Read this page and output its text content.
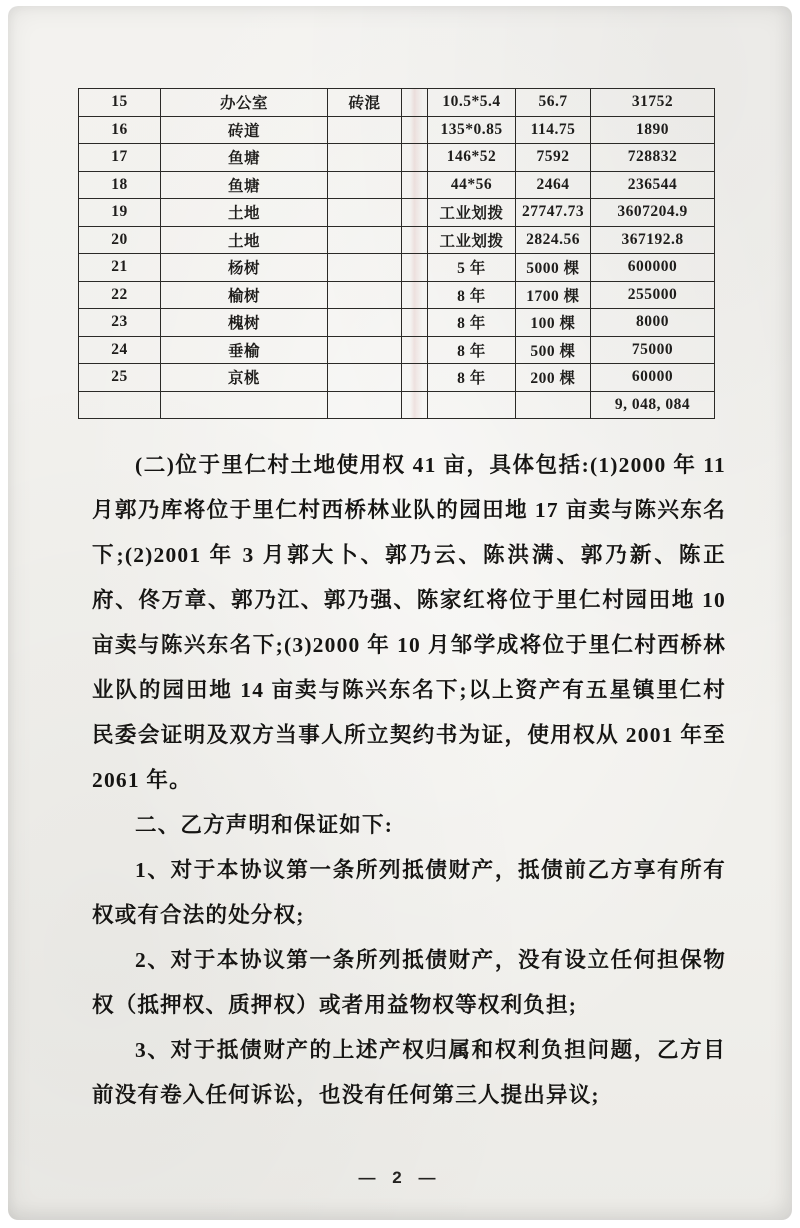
15	办公室	砖混		10.5*5.4	56.7	31752
16	砖道			135*0.85	114.75	1890
17	鱼塘			146*52	7592	728832
18	鱼塘			44*56	2464	236544
19	土地			工业划拨	27747.73	3607204.9
20	土地			工业划拨	2824.56	367192.8
21	杨树			5 年	5000 棵	600000
22	榆树			8 年	1700 棵	255000
23	槐树			8 年	100 棵	8000
24	垂榆			8 年	500 棵	75000
25	京桃			8 年	200 棵	60000
						9, 048, 084

(二)位于里仁村土地使用权 41 亩，具体包括:(1)2000 年 11 月郭乃库将位于里仁村西桥林业队的园田地 17 亩卖与陈兴东名下;(2)2001 年 3 月郭大卜、郭乃云、陈洪满、郭乃新、陈正府、佟万章、郭乃江、郭乃强、陈家红将位于里仁村园田地 10 亩卖与陈兴东名下;(3)2000 年 10 月邹学成将位于里仁村西桥林业队的园田地 14 亩卖与陈兴东名下;以上资产有五星镇里仁村民委会证明及双方当事人所立契约书为证，使用权从 2001 年至 2061 年。

二、乙方声明和保证如下:

1、对于本协议第一条所列抵债财产，抵债前乙方享有所有权或有合法的处分权;

2、对于本协议第一条所列抵债财产，没有设立任何担保物权（抵押权、质押权）或者用益物权等权利负担;

3、对于抵债财产的上述产权归属和权利负担问题，乙方目前没有卷入任何诉讼，也没有任何第三人提出异议;

— 2 —
